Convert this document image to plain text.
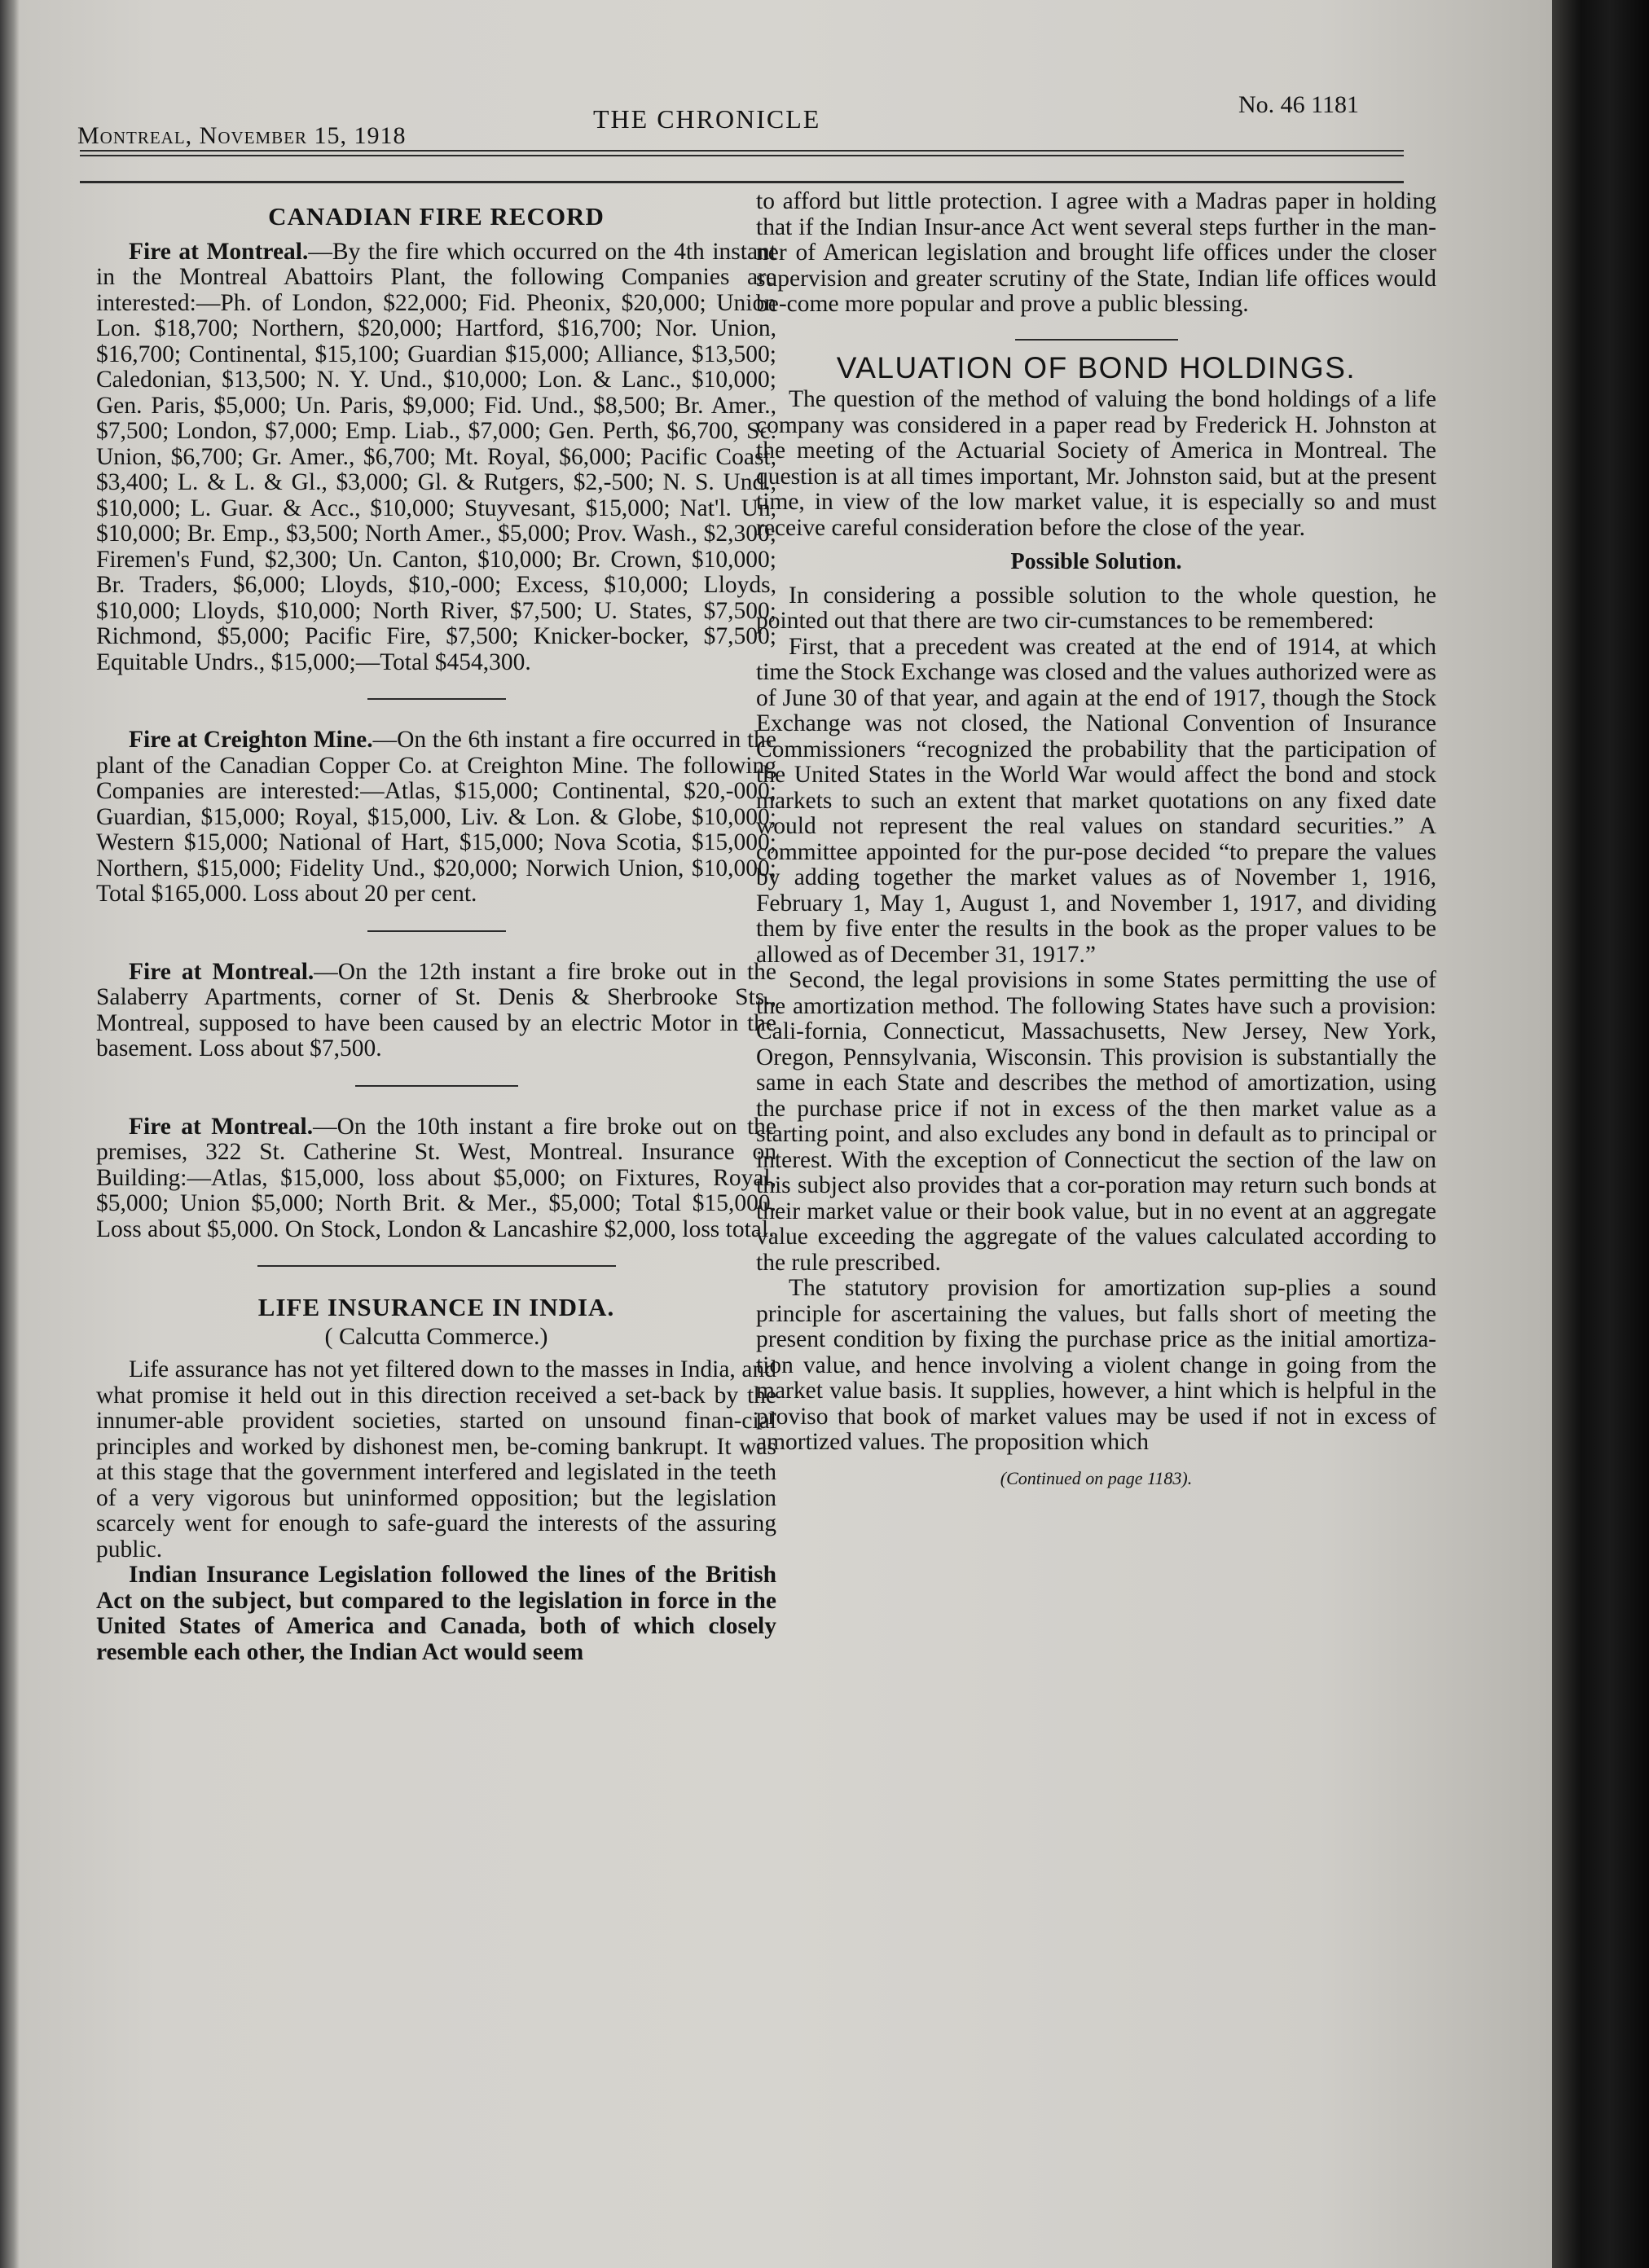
Montreal, November 15, 1918
THE CHRONICLE	No. 46 1181
CANADIAN FIRE RECORD

Fire at Montreal.—By the fire which occurred on the 4th instant in the Montreal Abattoirs Plant, the following Companies are interested:—Ph. of London, $22,000; Fid. Pheonix, $20,000; Union Lon. $18,700; Northern, $20,000; Hartford, $16,700; Nor. Union, $16,700; Continental, $15,100; Guardian $15,000; Alliance, $13,500; Caledonian, $13,500; N. Y. Und., $10,000; Lon. & Lanc., $10,000; Gen. Paris, $5,000; Un. Paris, $9,000; Fid. Und., $8,500; Br. Amer., $7,500; London, $7,000; Emp. Liab., $7,000; Gen. Perth, $6,700, Sc. Union, $6,700; Gr. Amer., $6,700; Mt. Royal, $6,000; Pacific Coast, $3,400; L. & L. & Gl., $3,000; Gl. & Rutgers, $2,-500; N. S. Und., $10,000; L. Guar. & Acc., $10,000; Stuyvesant, $15,000; Nat'l. Un, $10,000; Br. Emp., $3,500; North Amer., $5,000; Prov. Wash., $2,300; Firemen's Fund, $2,300; Un. Canton, $10,000; Br. Crown, $10,000; Br. Traders, $6,000; Lloyds, $10,-000; Excess, $10,000; Lloyds, $10,000; Lloyds, $10,000; North River, $7,500; U. States, $7,500; Richmond, $5,000; Pacific Fire, $7,500; Knicker-bocker, $7,500; Equitable Undrs., $15,000;—Total $454,300.

Fire at Creighton Mine.—On the 6th instant a fire occurred in the plant of the Canadian Copper Co. at Creighton Mine. The following Companies are interested:—Atlas, $15,000; Continental, $20,-000; Guardian, $15,000; Royal, $15,000, Liv. & Lon. & Globe, $10,000; Western $15,000; National of Hart, $15,000; Nova Scotia, $15,000; Northern, $15,000; Fidelity Und., $20,000; Norwich Union, $10,000; Total $165,000. Loss about 20 per cent.

Fire at Montreal.—On the 12th instant a fire broke out in the Salaberry Apartments, corner of St. Denis & Sherbrooke Sts., Montreal, supposed to have been caused by an electric Motor in the basement. Loss about $7,500.

Fire at Montreal.—On the 10th instant a fire broke out on the premises, 322 St. Catherine St. West, Montreal. Insurance on Building:—Atlas, $15,000, loss about $5,000; on Fixtures, Royal, $5,000; Union $5,000; North Brit. & Mer., $5,000; Total $15,000. Loss about $5,000. On Stock, London & Lancashire $2,000, loss total.

LIFE INSURANCE IN INDIA.
( Calcutta Commerce.)

Life assurance has not yet filtered down to the masses in India, and what promise it held out in this direction received a set-back by the innumer-able provident societies, started on unsound finan-cial principles and worked by dishonest men, be-coming bankrupt. It was at this stage that the government interfered and legislated in the teeth of a very vigorous but uninformed opposition; but the legislation scarcely went for enough to safe-guard the interests of the assuring public.

Indian Insurance Legislation followed the lines of the British Act on the subject, but compared to the legislation in force in the United States of America and Canada, both of which closely resemble each other, the Indian Act would seem

to afford but little protection. I agree with a Madras paper in holding that if the Indian Insur-ance Act went several steps further in the man-ner of American legislation and brought life offices under the closer supervision and greater scrutiny of the State, Indian life offices would be-come more popular and prove a public blessing.

VALUATION OF BOND HOLDINGS.

The question of the method of valuing the bond holdings of a life company was considered in a paper read by Frederick H. Johnston at the meeting of the Actuarial Society of America in Montreal. The question is at all times important, Mr. Johnston said, but at the present time, in view of the low market value, it is especially so and must receive careful consideration before the close of the year.

Possible Solution.

In considering a possible solution to the whole question, he pointed out that there are two cir-cumstances to be remembered:

First, that a precedent was created at the end of 1914, at which time the Stock Exchange was closed and the values authorized were as of June 30 of that year, and again at the end of 1917, though the Stock Exchange was not closed, the National Convention of Insurance Commissioners “recognized the probability that the participation of the United States in the World War would affect the bond and stock markets to such an extent that market quotations on any fixed date would not represent the real values on standard securities.” A committee appointed for the pur-pose decided “to prepare the values by adding together the market values as of November 1, 1916, February 1, May 1, August 1, and November 1, 1917, and dividing them by five enter the results in the book as the proper values to be allowed as of December 31, 1917.”

Second, the legal provisions in some States permitting the use of the amortization method. The following States have such a provision: Cali-fornia, Connecticut, Massachusetts, New Jersey, New York, Oregon, Pennsylvania, Wisconsin. This provision is substantially the same in each State and describes the method of amortization, using the purchase price if not in excess of the then market value as a starting point, and also excludes any bond in default as to principal or interest. With the exception of Connecticut the section of the law on this subject also provides that a cor-poration may return such bonds at their market value or their book value, but in no event at an aggregate value exceeding the aggregate of the values calculated according to the rule prescribed.

The statutory provision for amortization sup-plies a sound principle for ascertaining the values, but falls short of meeting the present condition by fixing the purchase price as the initial amortiza-tion value, and hence involving a violent change in going from the market value basis. It supplies, however, a hint which is helpful in the proviso that book of market values may be used if not in excess of amortized values. The proposition which

(Continued on page 1183).
